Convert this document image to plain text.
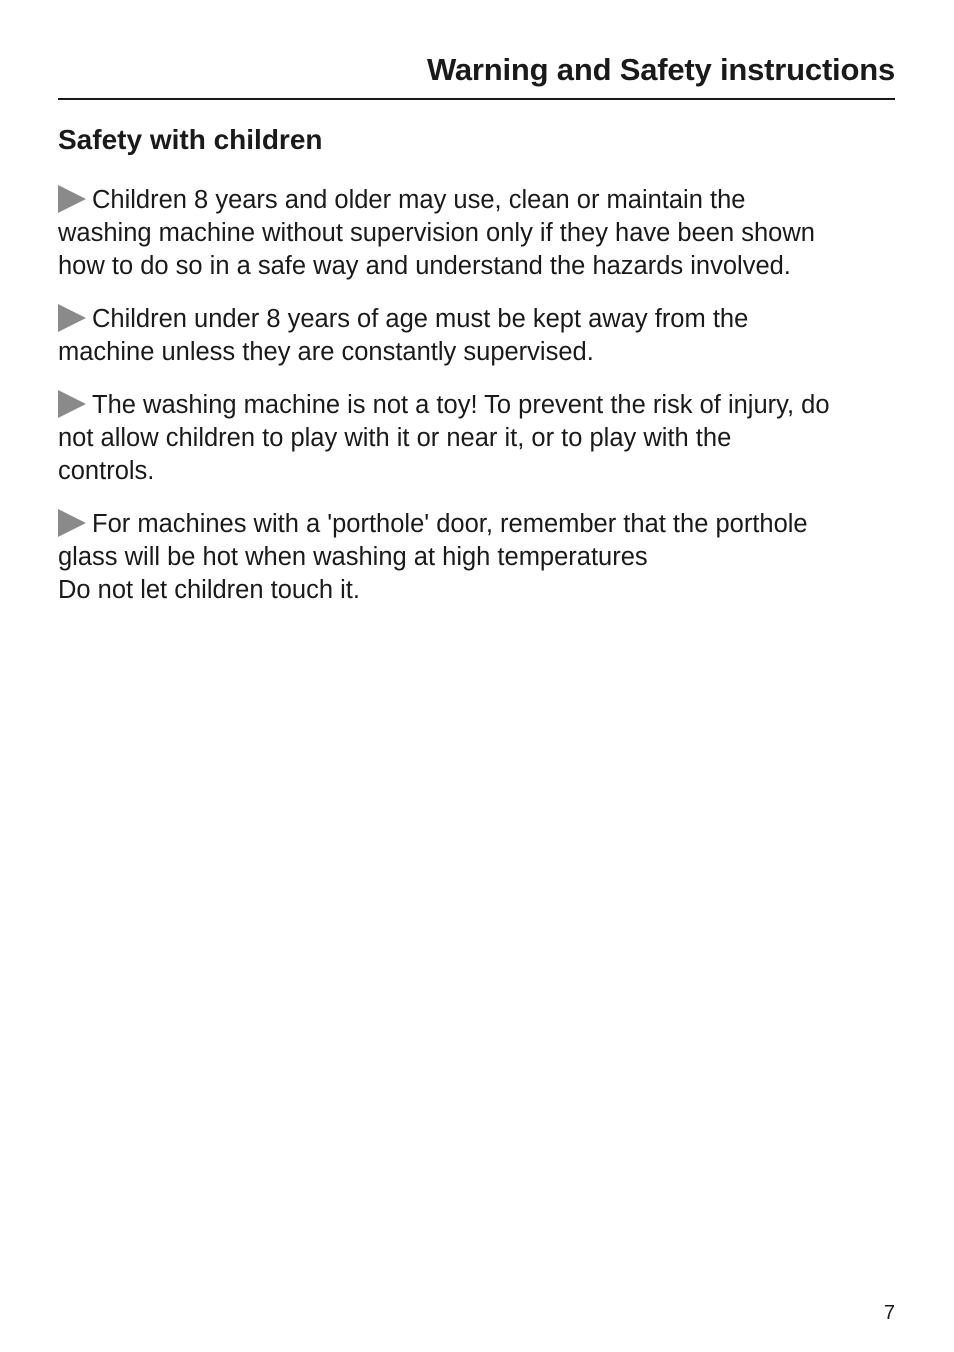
Warning and Safety instructions
Safety with children
Children 8 years and older may use, clean or maintain the
washing machine without supervision only if they have been shown
how to do so in a safe way and understand the hazards involved.
Children under 8 years of age must be kept away from the
machine unless they are constantly supervised.
The washing machine is not a toy! To prevent the risk of injury, do
not allow children to play with it or near it, or to play with the
controls.
For machines with a 'porthole' door, remember that the porthole
glass will be hot when washing at high temperatures
Do not let children touch it.

7
